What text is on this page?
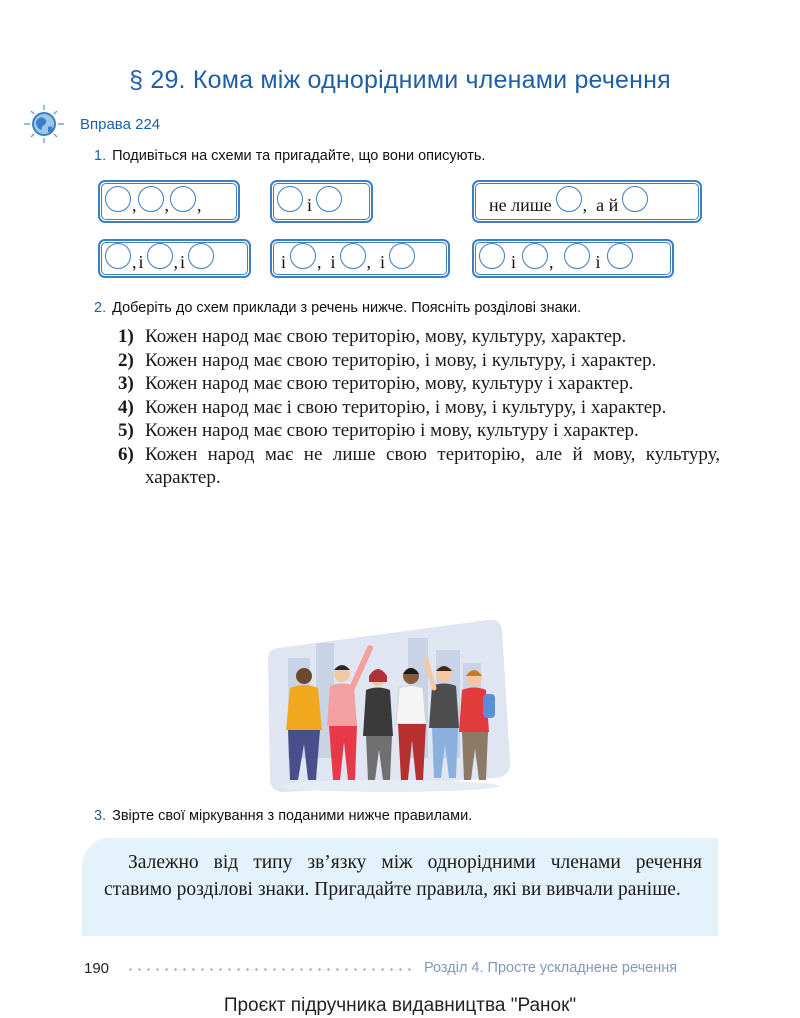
§ 29. Кома між однорідними членами речення
Вправа 224
1. Подивіться на схеми та пригадайте, що вони описують.
, , ,	і	не лише , а й
, і , і	і , і , і	і , і
2. Доберіть до схем приклади з речень нижче. Поясніть розділові знаки.
1) Кожен народ має свою територію, мову, культуру, характер.
2) Кожен народ має свою територію, і мову, і культуру, і характер.
3) Кожен народ має свою територію, мову, культуру і характер.
4) Кожен народ має і свою територію, і мову, і культуру, і характер.
5) Кожен народ має свою територію і мову, культуру і характер.
6) Кожен народ має не лише свою територію, але й мову, культуру, характер.
3. Звірте свої міркування з поданими нижче правилами.

Залежно від типу зв’язку між однорідними членами речення ставимо розділові знаки. Пригадайте правила, які ви вивчали раніше.

190	Розділ 4. Просте ускладнене речення
Проєкт підручника видавництва "Ранок"
